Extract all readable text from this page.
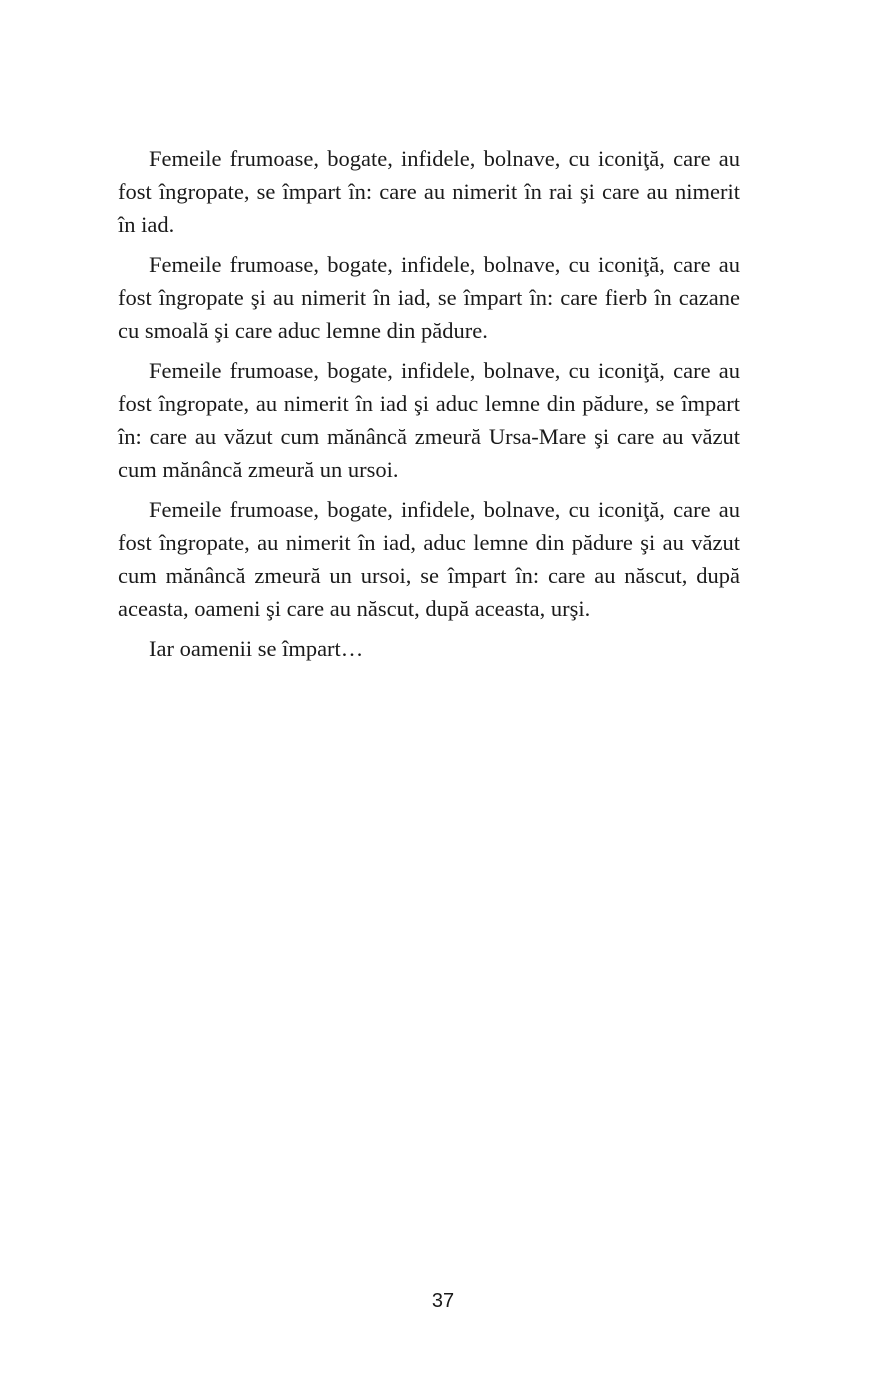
Femeile frumoase, bogate, infidele, bolnave, cu iconiţă, care au fost îngropate, se împart în: care au nimerit în rai şi care au nimerit în iad.

Femeile frumoase, bogate, infidele, bolnave, cu iconiţă, care au fost îngropate şi au nimerit în iad, se împart în: care fierb în cazane cu smoală şi care aduc lemne din pădure.

Femeile frumoase, bogate, infidele, bolnave, cu iconiţă, care au fost îngropate, au nimerit în iad şi aduc lemne din pădure, se împart în: care au văzut cum mănâncă zmeură Ursa-Mare şi care au văzut cum mănâncă zmeură un ursoi.

Femeile frumoase, bogate, infidele, bolnave, cu iconiţă, care au fost îngropate, au nimerit în iad, aduc lemne din pădure şi au văzut cum mănâncă zmeură un ursoi, se împart în: care au născut, după aceasta, oameni şi care au născut, după aceasta, urşi.

Iar oamenii se împart…

37
